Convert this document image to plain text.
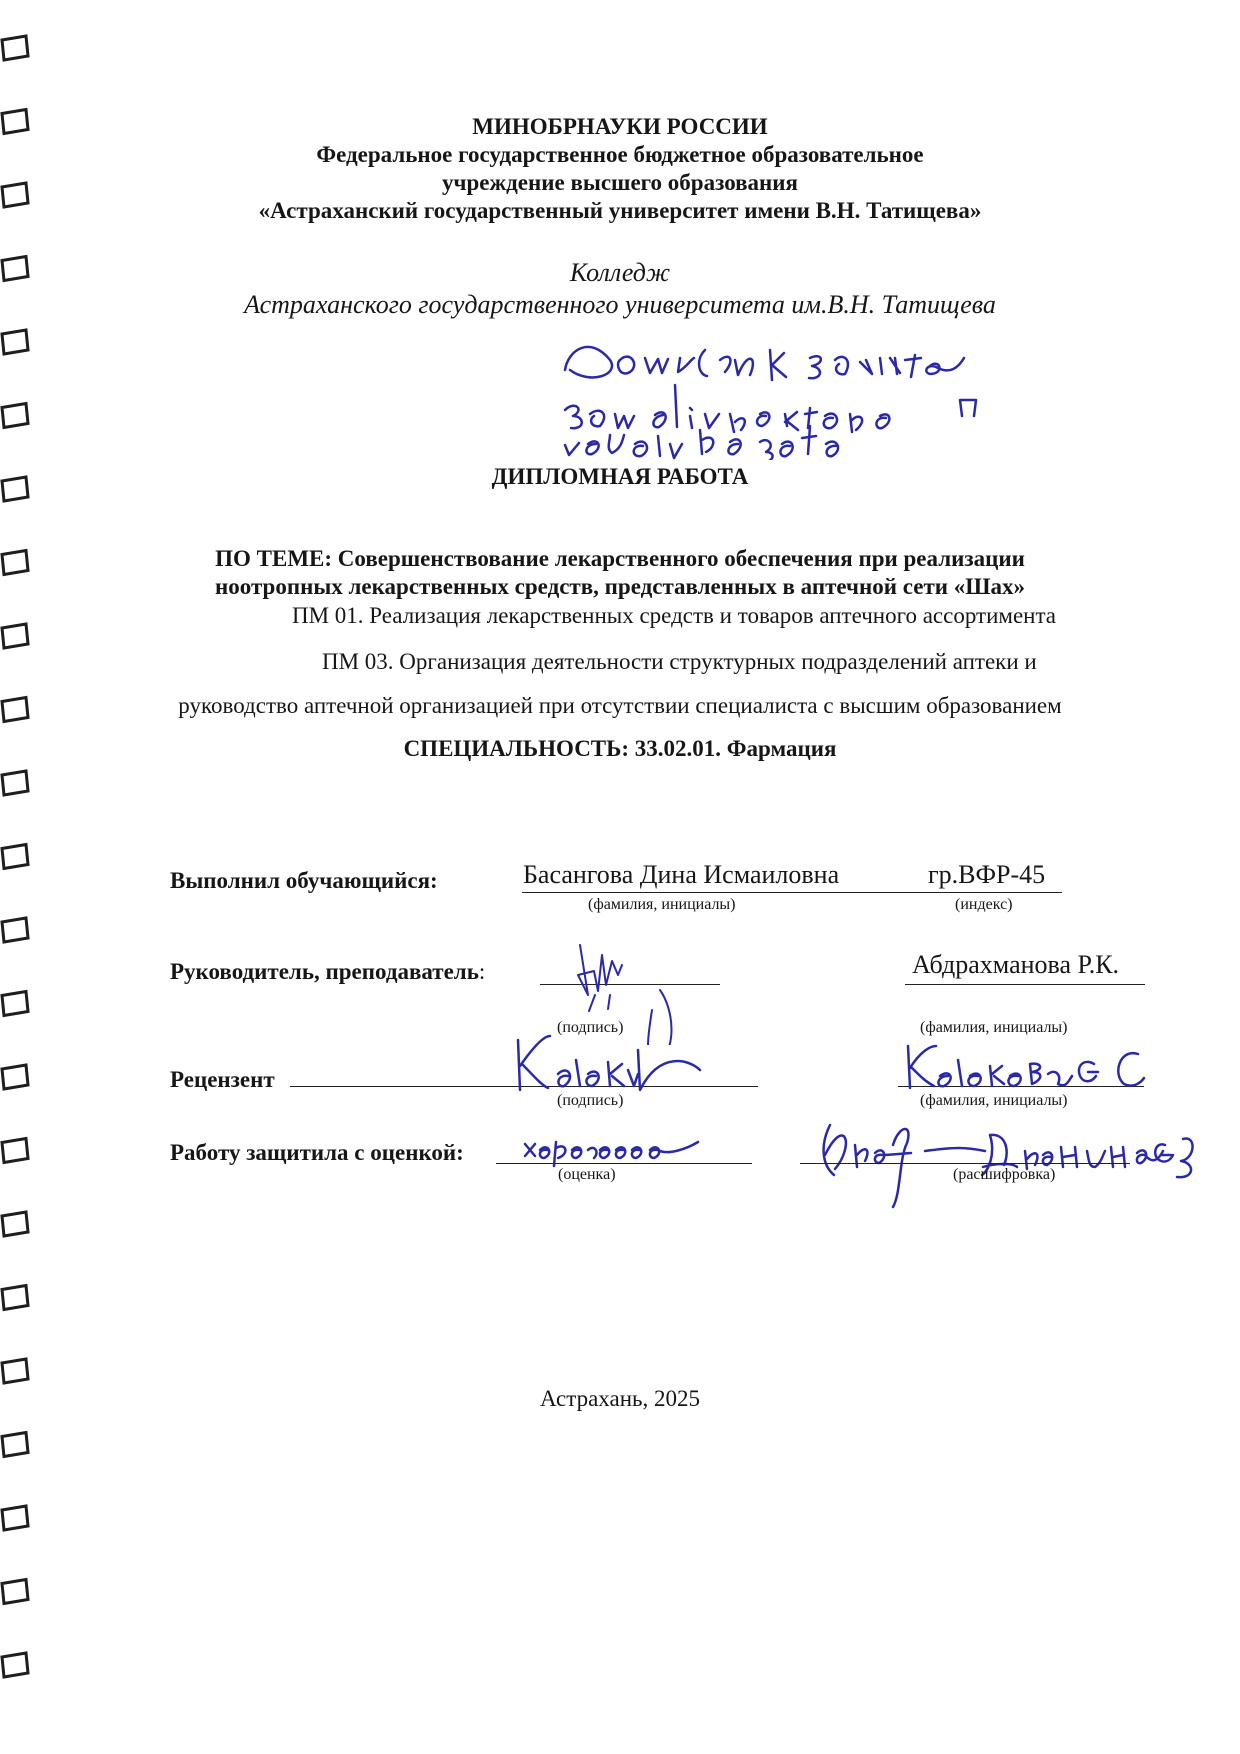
МИНОБРНАУКИ РОССИИ
Федеральное государственное бюджетное образовательное
учреждение высшего образования
«Астраханский государственный университет имени В.Н. Татищева»
Колледж
Астраханского государственного университета им.В.Н. Татищева
ДИПЛОМНАЯ РАБОТА
ПО ТЕМЕ: Совершенствование лекарственного обеспечения при реализации
ноотропных лекарственных средств, представленных в аптечной сети «Шах»
ПМ 01. Реализация лекарственных средств и товаров аптечного ассортимента
ПМ 03. Организация деятельности структурных подразделений аптеки и
руководство аптечной организацией при отсутствии специалиста с высшим образованием
СПЕЦИАЛЬНОСТЬ: 33.02.01. Фармация
Выполнил обучающийся:	Басангова Дина Исмаиловна	гр.ВФР-45
(фамилия, инициалы)	(индекс)
Руководитель, преподаватель:	Абдрахманова Р.К.
(подпись)	(фамилия, инициалы)
Рецензент
(подпись)	(фамилия, инициалы)
Работу защитила с оценкой:
(оценка)	(расшифровка)
Астрахань, 2025
